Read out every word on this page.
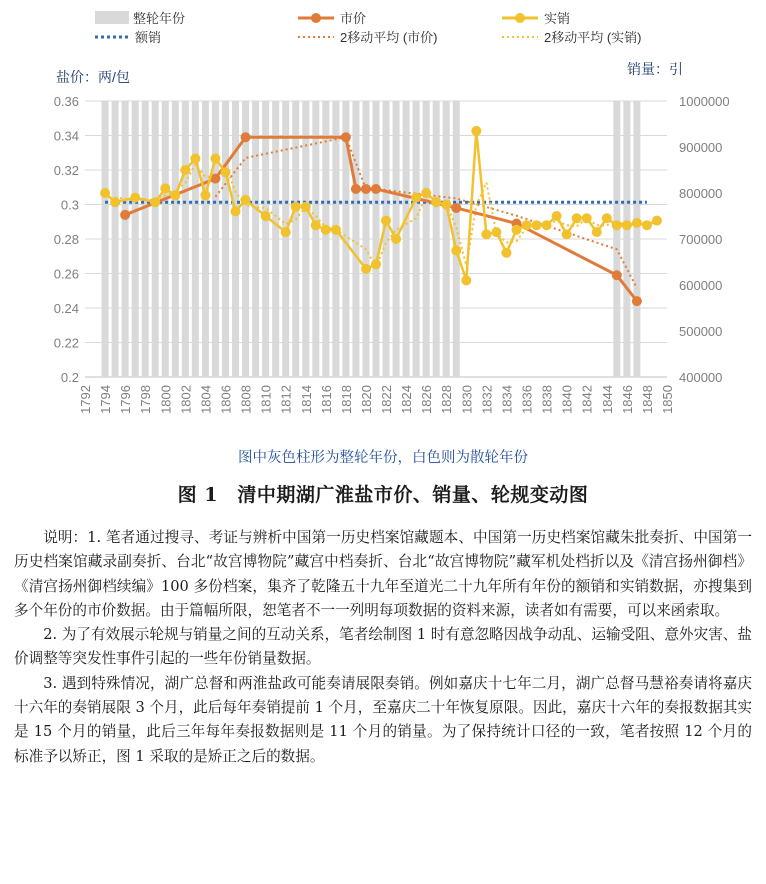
整轮年份	市价	实销
额销	2移动平均 (市价)	2移动平均 (实销)
盐价：两/包	销量：引
0.2
0.22
0.24
0.26
0.28
0.3
0.32
0.34
0.36
400000
500000
600000
700000
800000
900000
1000000
1792 1794 1796 1798 1800 1802 1804 1806 1808 1810 1812 1814 1816 1818 1820 1822 1824 1826 1828 1830 1832 1834 1836 1838 1840 1842 1844 1846 1848 1850
图中灰色柱形为整轮年份，白色则为散轮年份
图 1　清中期湖广淮盐市价、销量、轮规变动图

说明：1. 笔者通过搜寻、考证与辨析中国第一历史档案馆藏题本、中国第一历史档案馆藏朱批奏折、中国第一历史档案馆藏录副奏折、台北“故宫博物院”藏宫中档奏折、台北“故宫博物院”藏军机处档折以及《清宫扬州御档》《清宫扬州御档续编》100 多份档案，集齐了乾隆五十九年至道光二十九年所有年份的额销和实销数据，亦搜集到多个年份的市价数据。由于篇幅所限，恕笔者不一一列明每项数据的资料来源，读者如有需要，可以来函索取。

2. 为了有效展示轮规与销量之间的互动关系，笔者绘制图 1 时有意忽略因战争动乱、运输受阻、意外灾害、盐价调整等突发性事件引起的一些年份销量数据。

3. 遇到特殊情况，湖广总督和两淮盐政可能奏请展限奏销。例如嘉庆十七年二月，湖广总督马慧裕奏请将嘉庆十六年的奏销展限 3 个月，此后每年奏销提前 1 个月，至嘉庆二十年恢复原限。因此，嘉庆十六年的奏报数据其实是 15 个月的销量，此后三年每年奏报数据则是 11 个月的销量。为了保持统计口径的一致，笔者按照 12 个月的标准予以矫正，图 1 采取的是矫正之后的数据。
